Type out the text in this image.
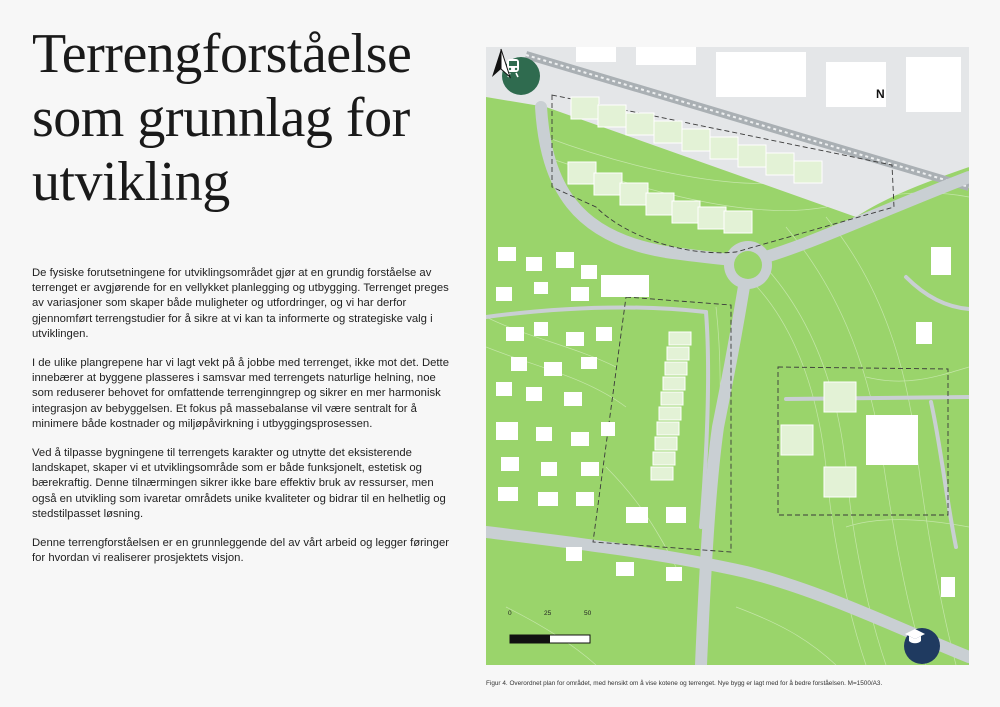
Terrengforståelse
som grunnlag for
utvikling

De fysiske forutsetningene for utviklingsområdet gjør at en grundig forståelse av terrenget er avgjørende for en vellykket planlegging og utbygging. Terrenget preges av variasjoner som skaper både muligheter og utfordringer, og vi har derfor gjennomført terrengstudier for å sikre at vi kan ta informerte og strategiske valg i utviklingen.

I de ulike plangrepene har vi lagt vekt på å jobbe med terrenget, ikke mot det. Dette innebærer at byggene plasseres i samsvar med terrengets naturlige helning, noe som reduserer behovet for omfattende terrenginngrep og sikrer en mer harmonisk integrasjon av bebyggelsen. Et fokus på massebalanse vil være sentralt for å minimere både kostnader og miljøpåvirkning i utbyggingsprosessen.

Ved å tilpasse bygningene til terrengets karakter og utnytte det eksisterende landskapet, skaper vi et utviklingsområde som er både funksjonelt, estetisk og bærekraftig. Denne tilnærmingen sikrer ikke bare effektiv bruk av ressurser, men også en utvikling som ivaretar områdets unike kvaliteter og bidrar til en helhetlig og stedstilpasset løsning.

Denne terrengforståelsen er en grunnleggende del av vårt arbeid og legger føringer for hvordan vi realiserer prosjektets visjon.

N
0	25	50
Figur 4. Overordnet plan for området, med hensikt om å vise kotene og terrenget. Nye bygg er lagt med for å bedre forståelsen. M=1500/A3.
